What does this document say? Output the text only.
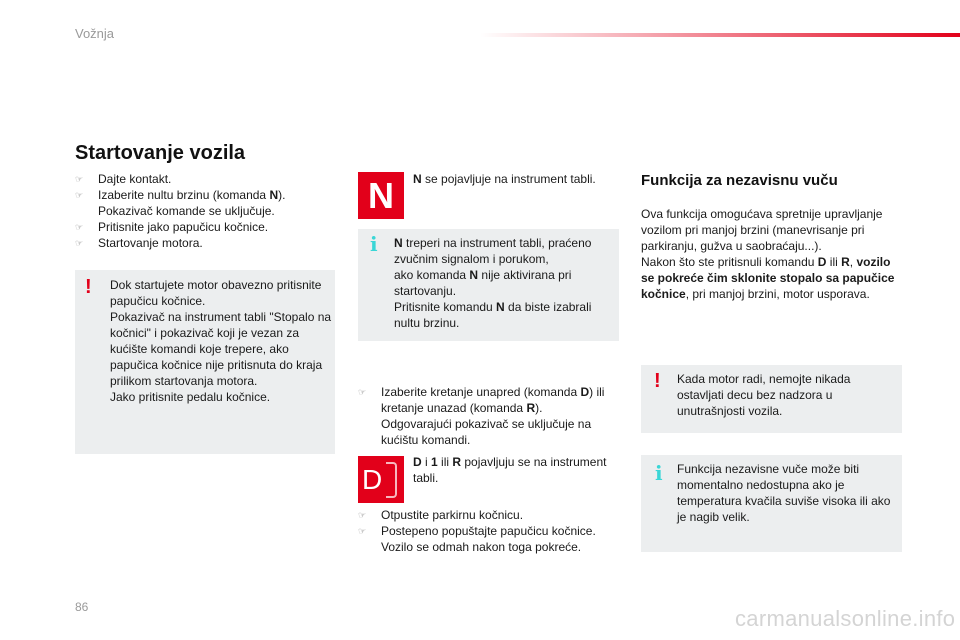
Vožnja
Startovanje vozila
☞ Dajte kontakt.
☞ Izaberite nultu brzinu (komanda N).
Pokazivač komande se uključuje.
☞ Pritisnite jako papučicu kočnice.
☞ Startovanje motora.
! Dok startujete motor obavezno pritisnite papučicu kočnice.
Pokazivač na instrument tabli "Stopalo na kočnici" i pokazivač koji je vezan za kućište komandi koje trepere, ako papučica kočnice nije pritisnuta do kraja prilikom startovanja motora.
Jako pritisnite pedalu kočnice.
N	N se pojavljuje na instrument tabli.
i N treperi na instrument tabli, praćeno zvučnim signalom i porukom,
ako komanda N nije aktivirana pri startovanju.
Pritisnite komandu N da biste izabrali nultu brzinu.
☞ Izaberite kretanje unapred (komanda D) ili kretanje unazad (komanda R).
Odgovarajući pokazivač se uključuje na kućištu komandi.
D
D i 1 ili R pojavljuju se na instrument tabli.
☞ Otpustite parkirnu kočnicu.
☞ Postepeno popuštajte papučicu kočnice.
Vozilo se odmah nakon toga pokreće.
Funkcija za nezavisnu vuču
Ova funkcija omogućava spretnije upravljanje vozilom pri manjoj brzini (manevrisanje pri parkiranju, gužva u saobraćaju...).
Nakon što ste pritisnuli komandu D ili R, vozilo se pokreće čim sklonite stopalo sa papučice kočnice, pri manjoj brzini, motor usporava.
! Kada motor radi, nemojte nikada ostavljati decu bez nadzora u unutrašnjosti vozila.
i Funkcija nezavisne vuče može biti momentalno nedostupna ako je temperatura kvačila suviše visoka ili ako je nagib velik.
86	carmanualsonline.info
